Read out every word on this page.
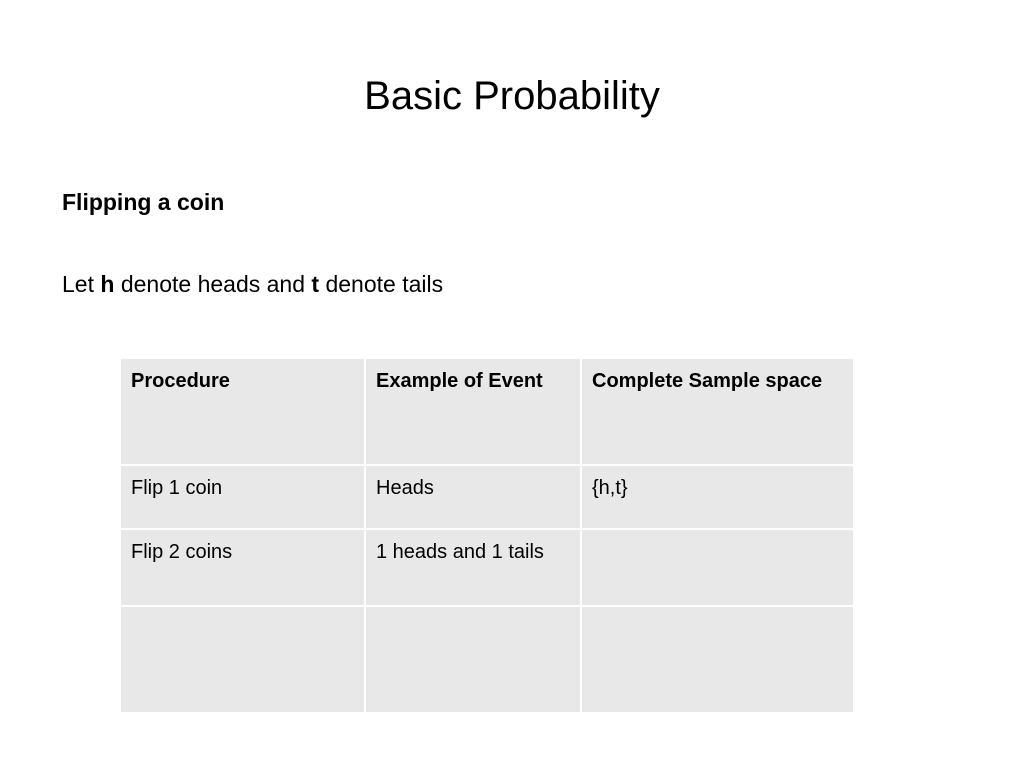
Basic Probability
Flipping a coin
Let h denote heads and t denote tails
Procedure	Example of Event	Complete Sample space
Flip 1 coin	Heads	{h,t}
Flip 2 coins	1 heads and 1 tails	
